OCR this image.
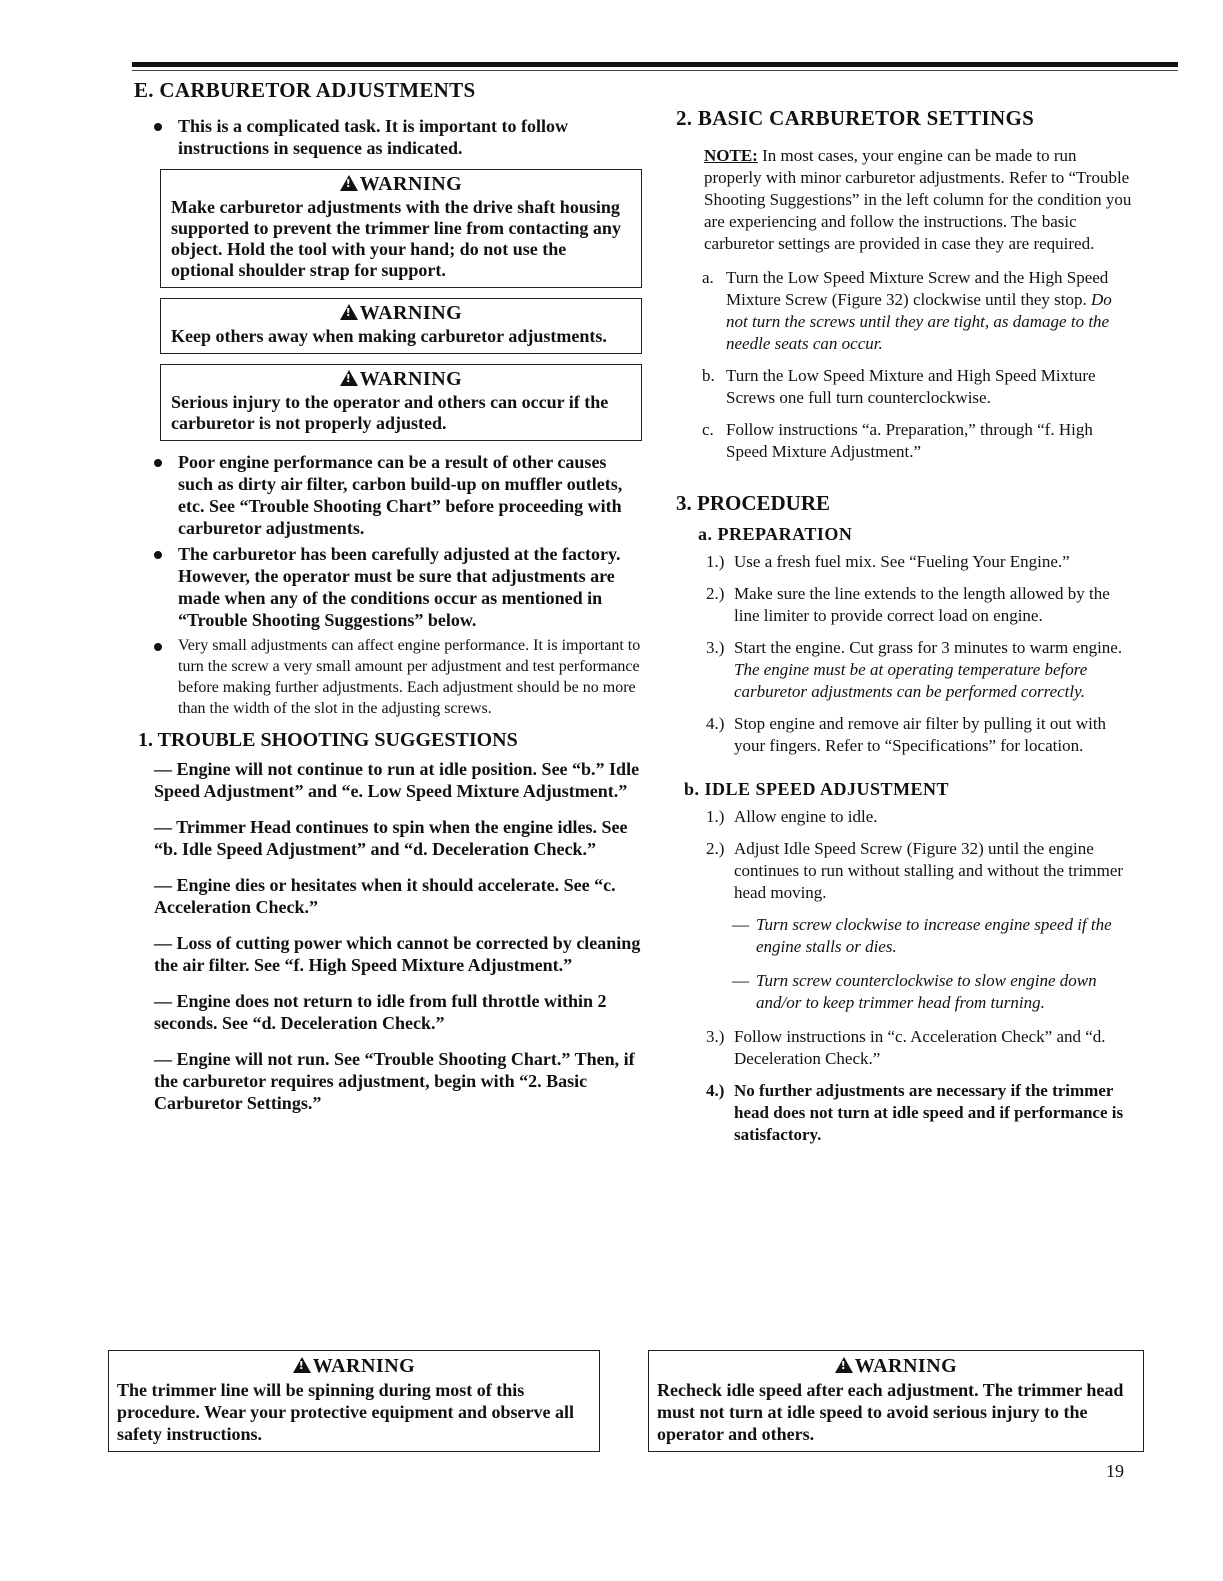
E. CARBURETOR ADJUSTMENTS
This is a complicated task. It is important to follow instructions in sequence as indicated.
!WARNING
Make carburetor adjustments with the drive shaft housing supported to prevent the trimmer line from contacting any object. Hold the tool with your hand; do not use the optional shoulder strap for support.
!WARNING
Keep others away when making carburetor adjustments.
!WARNING
Serious injury to the operator and others can occur if the carburetor is not properly adjusted.
Poor engine performance can be a result of other causes such as dirty air filter, carbon build-up on muffler outlets, etc. See “Trouble Shooting Chart” before proceeding with carburetor adjustments.
The carburetor has been carefully adjusted at the factory. However, the operator must be sure that adjustments are made when any of the conditions occur as mentioned in “Trouble Shooting Suggestions” below.
Very small adjustments can affect engine performance. It is important to turn the screw a very small amount per adjustment and test performance before making further adjustments. Each adjustment should be no more than the width of the slot in the adjusting screws.
1. TROUBLE SHOOTING SUGGESTIONS
— Engine will not continue to run at idle position. See “b.” Idle Speed Adjustment” and “e. Low Speed Mixture Adjustment.”
— Trimmer Head continues to spin when the engine idles. See “b. Idle Speed Adjustment” and “d. Deceleration Check.”
— Engine dies or hesitates when it should accelerate. See “c. Acceleration Check.”
— Loss of cutting power which cannot be corrected by cleaning the air filter. See “f. High Speed Mixture Adjustment.”
— Engine does not return to idle from full throttle within 2 seconds. See “d. Deceleration Check.”
— Engine will not run. See “Trouble Shooting Chart.” Then, if the carburetor requires adjustment, begin with “2. Basic Carburetor Settings.”
2. BASIC CARBURETOR SETTINGS
NOTE: In most cases, your engine can be made to run properly with minor carburetor adjustments. Refer to “Trouble Shooting Suggestions” in the left column for the condition you are experiencing and follow the instructions. The basic carburetor settings are provided in case they are required.
a. Turn the Low Speed Mixture Screw and the High Speed Mixture Screw (Figure 32) clockwise until they stop. Do not turn the screws until they are tight, as damage to the needle seats can occur.
b. Turn the Low Speed Mixture and High Speed Mixture Screws one full turn counterclockwise.
c. Follow instructions “a. Preparation,” through “f. High Speed Mixture Adjustment.”
3. PROCEDURE
a. PREPARATION
1.) Use a fresh fuel mix. See “Fueling Your Engine.”
2.) Make sure the line extends to the length allowed by the line limiter to provide correct load on engine.
3.) Start the engine. Cut grass for 3 minutes to warm engine. The engine must be at operating temperature before carburetor adjustments can be performed correctly.
4.) Stop engine and remove air filter by pulling it out with your fingers. Refer to “Specifications” for location.
b. IDLE SPEED ADJUSTMENT
1.) Allow engine to idle.
2.) Adjust Idle Speed Screw (Figure 32) until the engine continues to run without stalling and without the trimmer head moving.
— Turn screw clockwise to increase engine speed if the engine stalls or dies.
— Turn screw counterclockwise to slow engine down and/or to keep trimmer head from turning.
3.) Follow instructions in “c. Acceleration Check” and “d. Deceleration Check.”
4.) No further adjustments are necessary if the trimmer head does not turn at idle speed and if performance is satisfactory.
!WARNING
The trimmer line will be spinning during most of this procedure. Wear your protective equipment and observe all safety instructions.
!WARNING
Recheck idle speed after each adjustment. The trimmer head must not turn at idle speed to avoid serious injury to the operator and others.
19
